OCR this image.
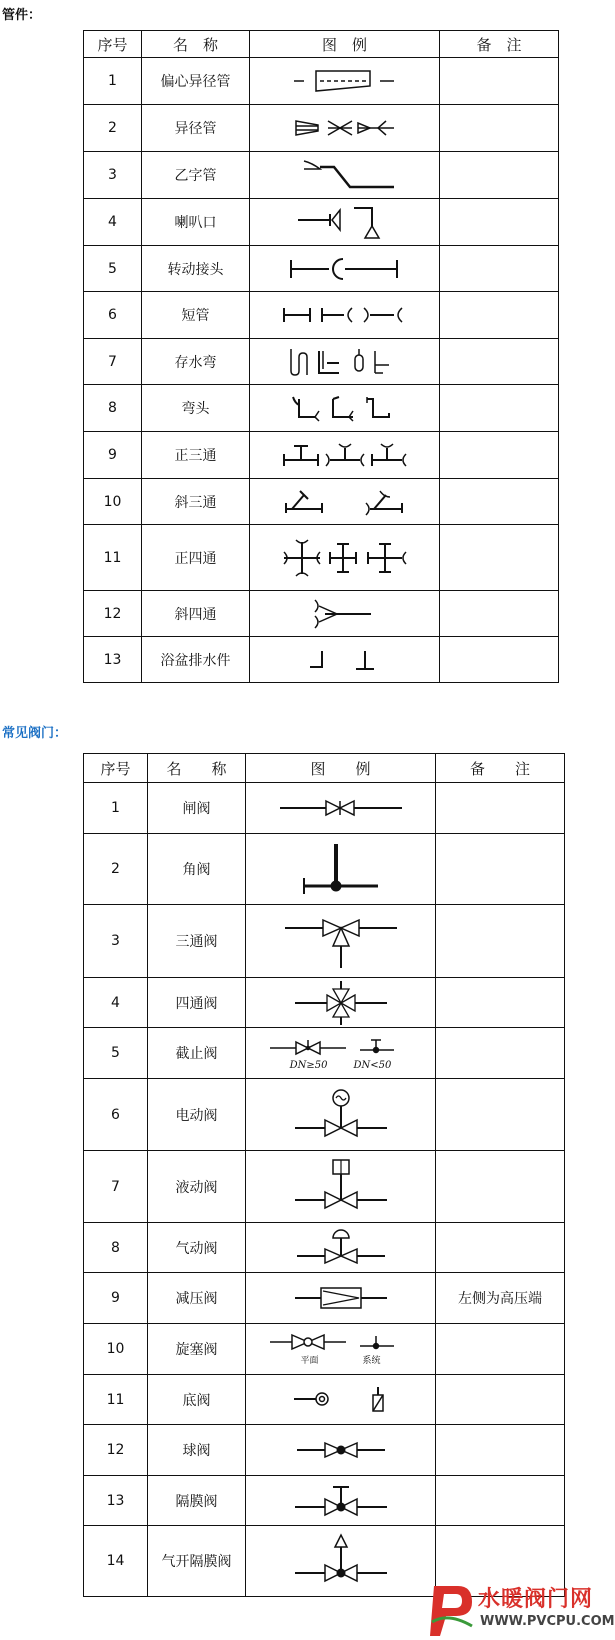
管件：
序号	名　称	图　例	备　注
1	偏心异径管	

2	异径管	

3	乙字管	

4	喇叭口	

5	转动接头	

6	短管	

7	存水弯	

8	弯头	

9	正三通	

10	斜三通	

11	正四通	

12	斜四通	

13	浴盆排水件	

常见阀门：
序号	名　　称	图　　例	备　　注
1	闸阀	

2	角阀	

3	三通阀	

4	四通阀	

5	截止阀	DN≥50 DN<50	

6	电动阀	

7	液动阀	

8	气动阀	

9	减压阀		左侧为高压端
10	旋塞阀	平面 系统	

11	底阀	

12	球阀	

13	隔膜阀	

14	气开隔膜阀	

水暖阀门网
WWW.PVCPU.COM
